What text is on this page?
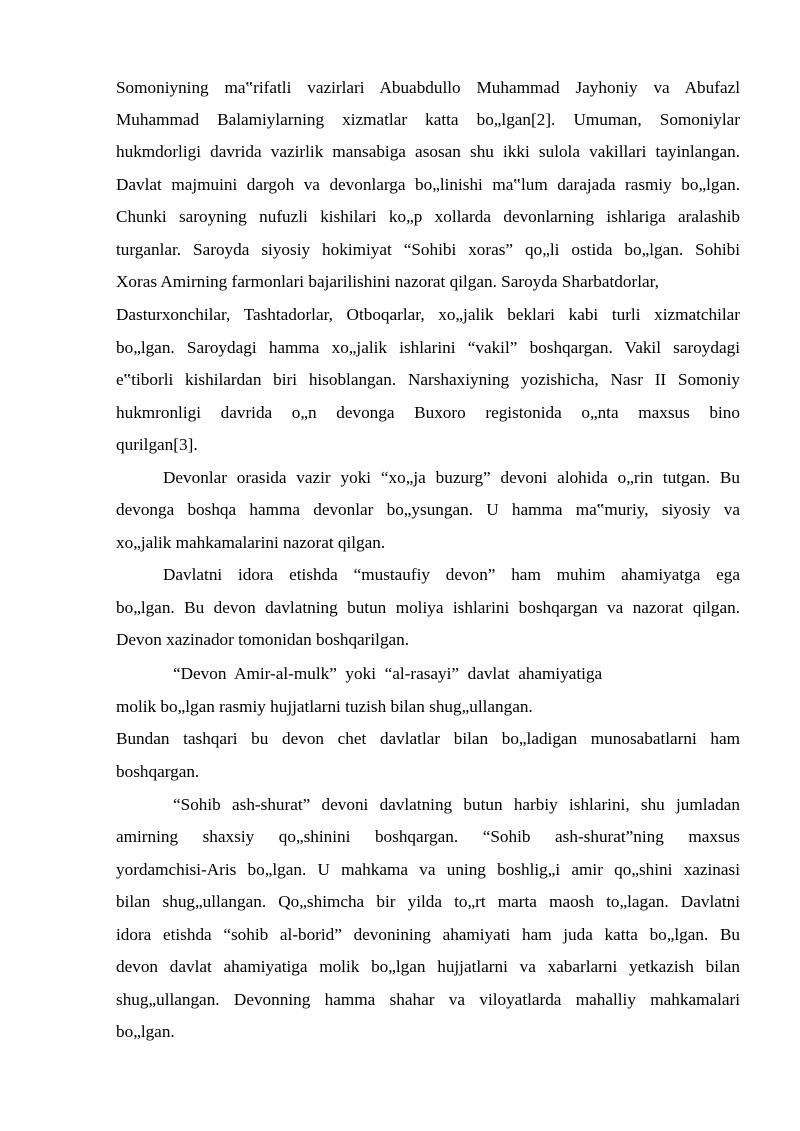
Somoniyning ma‟rifatli vazirlari Abuabdullo Muhammad Jayhoniy va Abufazl
Muhammad Balamiylarning xizmatlar katta bo„lgan[2]. Umuman, Somoniylar
hukmdorligi davrida vazirlik mansabiga asosan shu ikki sulola vakillari tayinlangan.
Davlat majmuini dargoh va devonlarga bo„linishi ma‟lum darajada rasmiy bo„lgan.
Chunki saroyning nufuzli kishilari ko„p xollarda devonlarning ishlariga aralashib
turganlar. Saroyda siyosiy hokimiyat “Sohibi xoras” qo„li ostida bo„lgan. Sohibi
Xoras Amirning farmonlari bajarilishini nazorat qilgan. Saroyda Sharbatdorlar,
Dasturxonchilar, Tashtadorlar, Otboqarlar, xo„jalik beklari kabi turli xizmatchilar
bo„lgan. Saroydagi hamma xo„jalik ishlarini “vakil” boshqargan. Vakil saroydagi
e‟tiborli kishilardan biri hisoblangan. Narshaxiyning yozishicha, Nasr II Somoniy
hukmronligi davrida o„n devonga Buxoro registonida o„nta maxsus bino
qurilgan[3].
Devonlar orasida vazir yoki “xo„ja buzurg” devoni alohida o„rin tutgan. Bu
devonga boshqa hamma devonlar bo„ysungan. U hamma ma‟muriy, siyosiy va
xo„jalik mahkamalarini nazorat qilgan.
Davlatni idora etishda “mustaufiy devon” ham muhim ahamiyatga ega
bo„lgan. Bu devon davlatning butun moliya ishlarini boshqargan va nazorat qilgan.
Devon xazinador tomonidan boshqarilgan.
“Devon  Amir-al-mulk”  yoki  “al-rasayi”  davlat  ahamiyatiga
molik bo„lgan rasmiy hujjatlarni tuzish bilan shug„ullangan.
Bundan tashqari bu devon chet davlatlar bilan bo„ladigan munosabatlarni ham
boshqargan.
“Sohib ash-shurat” devoni davlatning butun harbiy ishlarini, shu jumladan
amirning shaxsiy qo„shinini boshqargan. “Sohib ash-shurat”ning maxsus
yordamchisi-Aris bo„lgan. U mahkama va uning boshlig„i amir qo„shini xazinasi
bilan shug„ullangan. Qo„shimcha bir yilda to„rt marta maosh to„lagan. Davlatni
idora etishda “sohib al-borid” devonining ahamiyati ham juda katta bo„lgan. Bu
devon davlat ahamiyatiga molik bo„lgan hujjatlarni va xabarlarni yetkazish bilan
shug„ullangan. Devonning hamma shahar va viloyatlarda mahalliy mahkamalari
bo„lgan.
